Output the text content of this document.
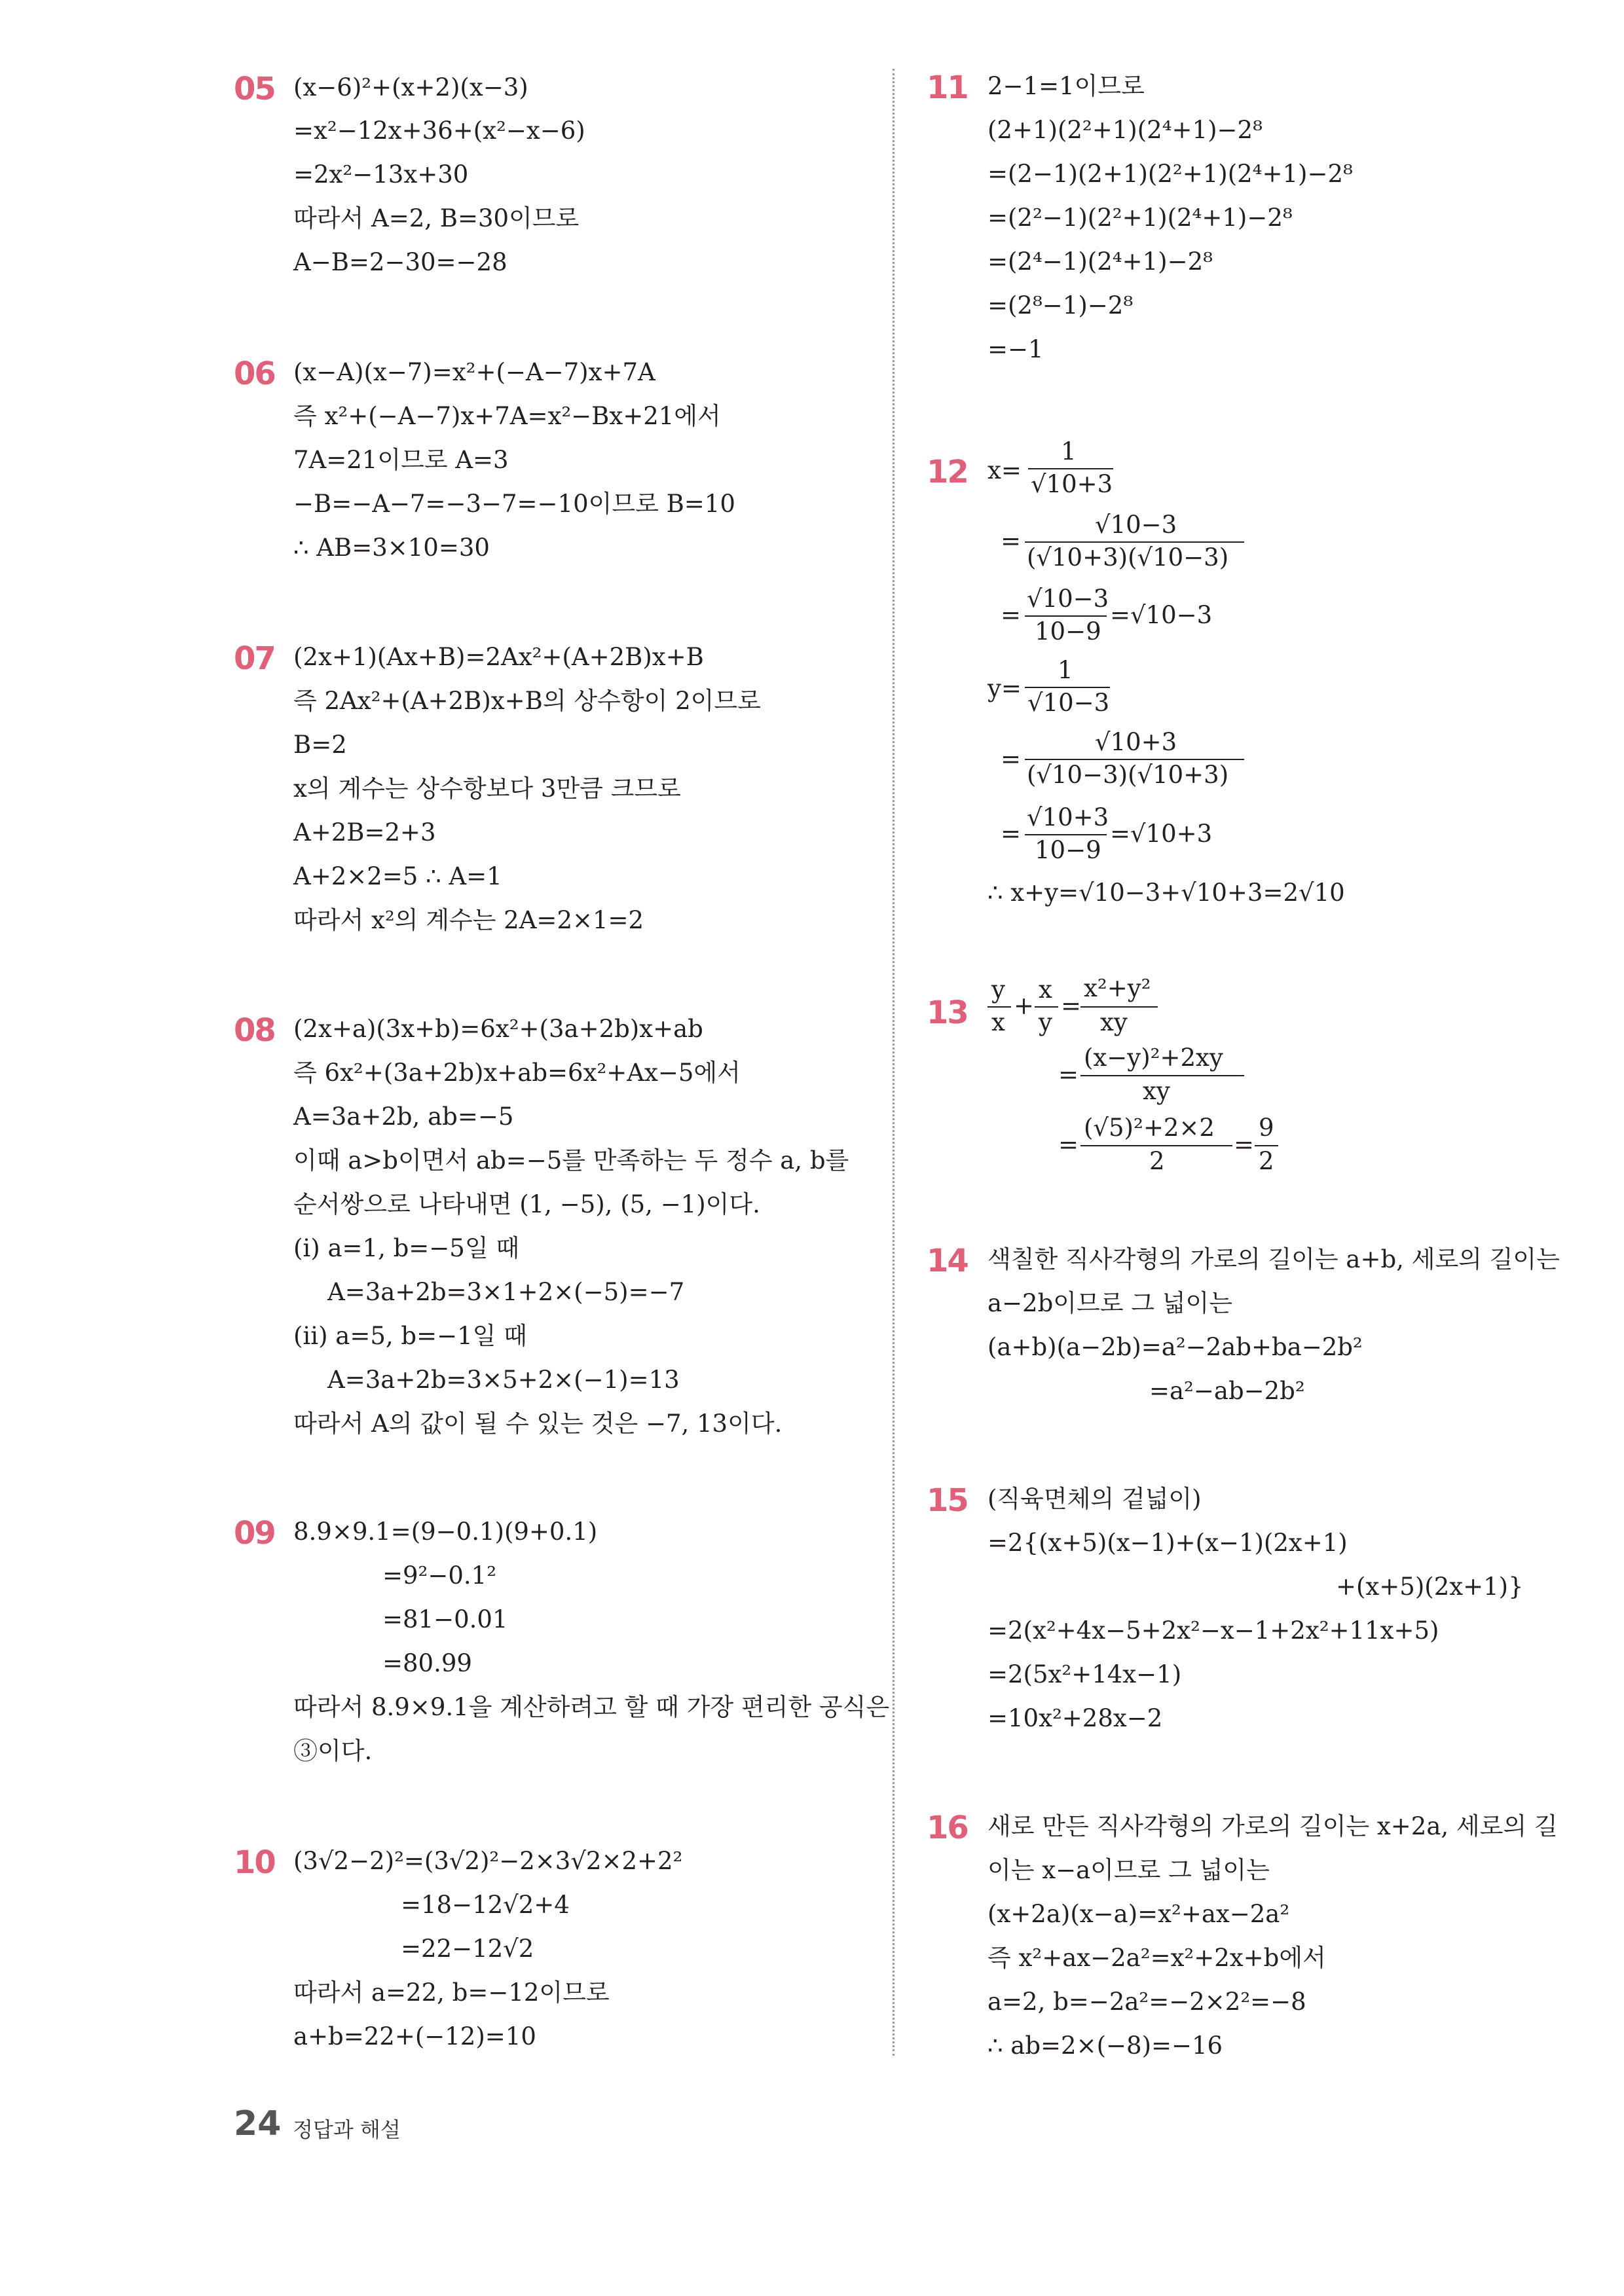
05 (x−6)²+(x+2)(x−3)
=x²−12x+36+(x²−x−6)
=2x²−13x+30
따라서 A=2, B=30이므로
A−B=2−30=−28
06 (x−A)(x−7)=x²+(−A−7)x+7A
즉 x²+(−A−7)x+7A=x²−Bx+21에서
7A=21이므로 A=3
−B=−A−7=−3−7=−10이므로 B=10
∴ AB=3×10=30
07 (2x+1)(Ax+B)=2Ax²+(A+2B)x+B
즉 2Ax²+(A+2B)x+B의 상수항이 2이므로
B=2
x의 계수는 상수항보다 3만큼 크므로
A+2B=2+3
A+2×2=5 ∴ A=1
따라서 x²의 계수는 2A=2×1=2
08 (2x+a)(3x+b)=6x²+(3a+2b)x+ab
즉 6x²+(3a+2b)x+ab=6x²+Ax−5에서
A=3a+2b, ab=−5
이때 a>b이면서 ab=−5를 만족하는 두 정수 a, b를
순서쌍으로 나타내면 (1, −5), (5, −1)이다.
(ⅰ) a=1, b=−5일 때
A=3a+2b=3×1+2×(−5)=−7
(ⅱ) a=5, b=−1일 때
A=3a+2b=3×5+2×(−1)=13
따라서 A의 값이 될 수 있는 것은 −7, 13이다.
09 8.9×9.1=(9−0.1)(9+0.1)
=9²−0.1²
=81−0.01
=80.99
따라서 8.9×9.1을 계산하려고 할 때 가장 편리한 공식은
③이다.
10 (3√2−2)²=(3√2)²−2×3√2×2+2²
=18−12√2+4
=22−12√2
따라서 a=22, b=−12이므로
a+b=22+(−12)=10
11 2−1=1이므로
(2+1)(2²+1)(2⁴+1)−2⁸
=(2−1)(2+1)(2²+1)(2⁴+1)−2⁸
=(2²−1)(2²+1)(2⁴+1)−2⁸
=(2⁴−1)(2⁴+1)−2⁸
=(2⁸−1)−2⁸
=−1
12 x=
1
√10+3
=
√10−3
(√10+3)(√10−3)
=
√10−3
10−9
=√10−3
y=
1
√10−3
=
√10+3
(√10−3)(√10+3)
=
√10+3
10−9
=√10+3
∴ x+y=√10−3+√10+3=2√10
13
y
x
+
x
y
=
x²+y²
xy
=
(x−y)²+2xy
xy
=
(√5)²+2×2
2
=
9
2
14 색칠한 직사각형의 가로의 길이는 a+b, 세로의 길이는
a−2b이므로 그 넓이는
(a+b)(a−2b)=a²−2ab+ba−2b²
=a²−ab−2b²
15 (직육면체의 겉넓이)
=2{(x+5)(x−1)+(x−1)(2x+1)
+(x+5)(2x+1)}
=2(x²+4x−5+2x²−x−1+2x²+11x+5)
=2(5x²+14x−1)
=10x²+28x−2
16 새로 만든 직사각형의 가로의 길이는 x+2a, 세로의 길
이는 x−a이므로 그 넓이는
(x+2a)(x−a)=x²+ax−2a²
즉 x²+ax−2a²=x²+2x+b에서
a=2, b=−2a²=−2×2²=−8
∴ ab=2×(−8)=−16
24 정답과 해설
